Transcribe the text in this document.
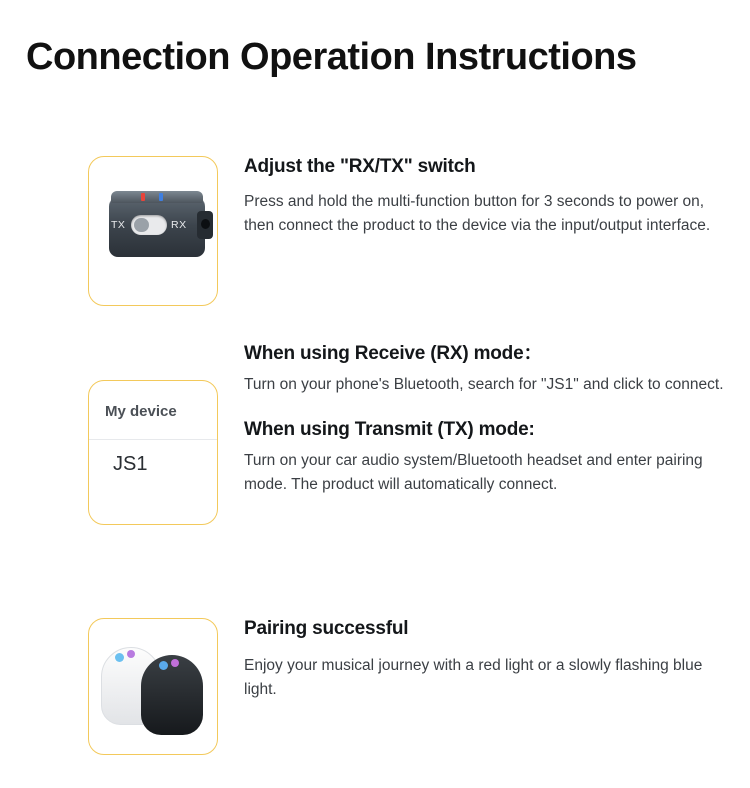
Connection Operation Instructions
TX	RX
Adjust the "RX/TX" switch

Press and hold the multi-function button for 3 seconds to power on, then connect the product to the device via the input/output interface.

My device
JS1
When using Receive (RX) mode：

Turn on your phone's Bluetooth, search for "JS1" and click to connect.

When using Transmit (TX) mode:

Turn on your car audio system/Bluetooth headset and enter pairing mode. The product will automatically connect.

Pairing successful

Enjoy your musical journey with a red light or a slowly flashing blue light.
